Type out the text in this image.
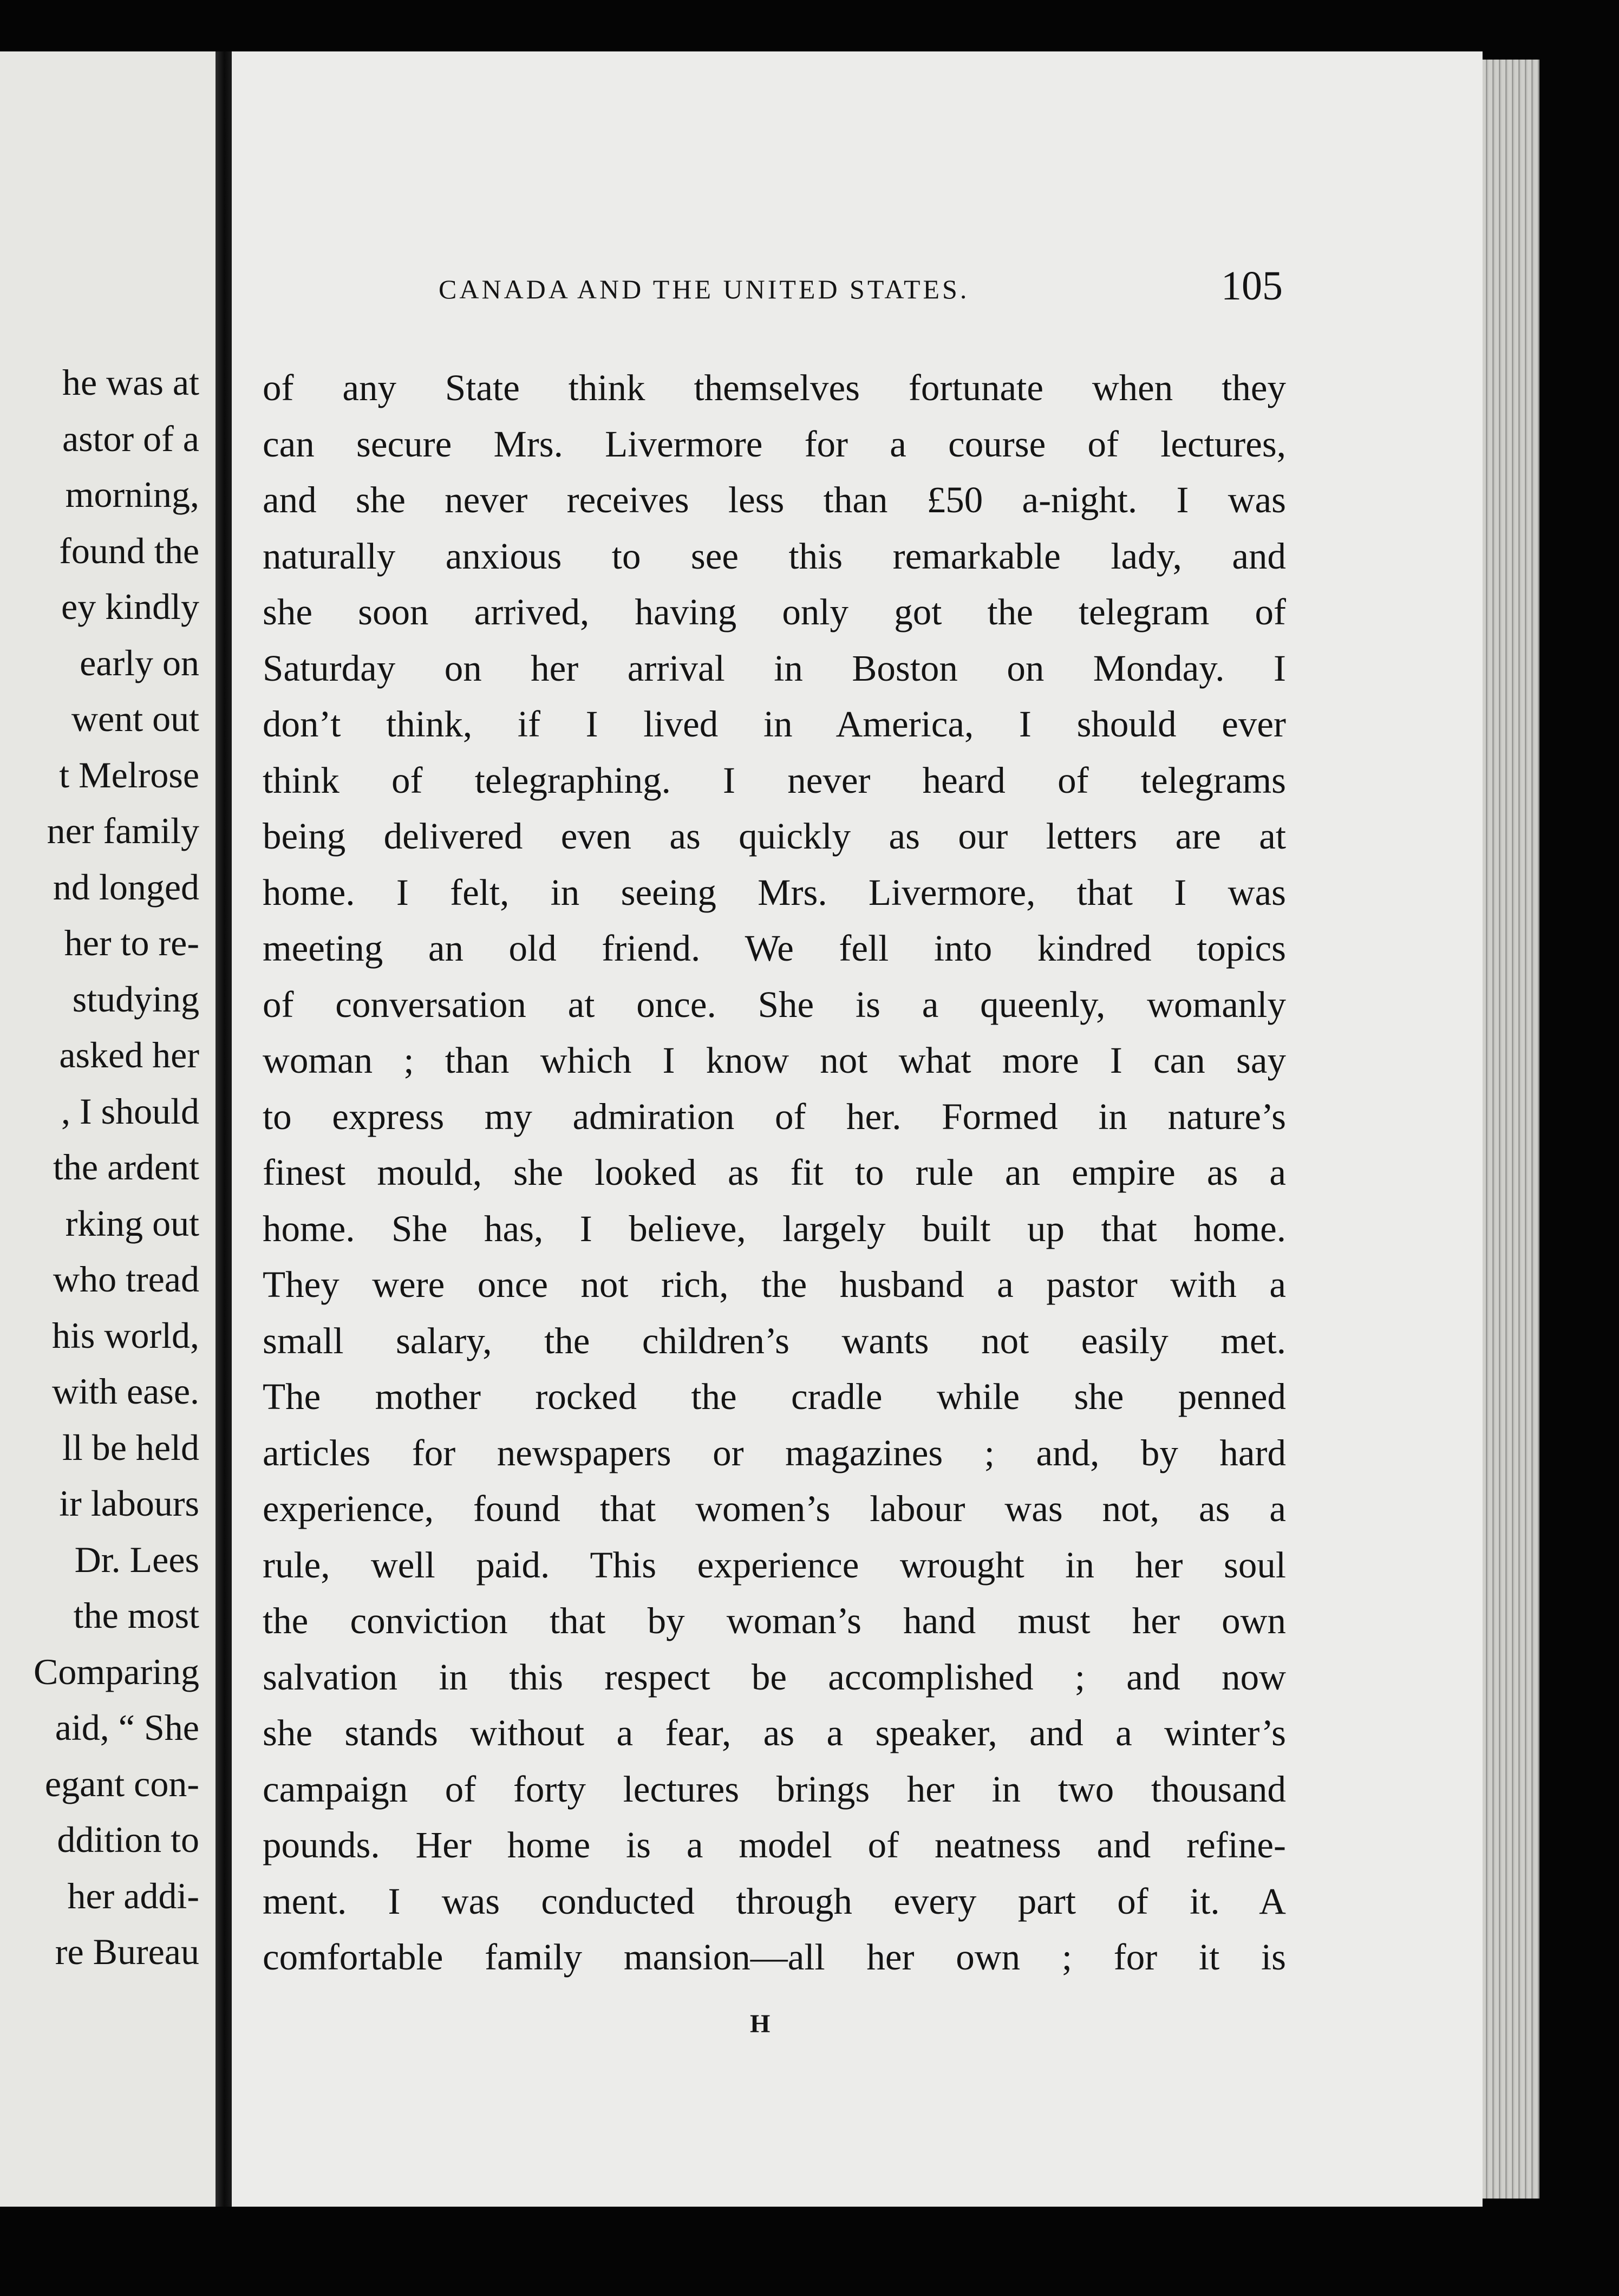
he was at
astor of a
morning,
found the
ey kindly
early on
went out
t Melrose
ner family
nd longed
her to re-
studying
asked her
, I should
the ardent
rking out
who tread
his world,
with ease.
ll be held
ir labours
Dr. Lees
the most
Comparing
aid, “ She
egant con-
ddition to
her addi-
re Bureau
CANADA AND THE UNITED STATES.	105
of any State think themselves fortunate when they
can secure Mrs. Livermore for a course of lectures,
and she never receives less than £50 a-night. I was
naturally anxious to see this remarkable lady, and
she soon arrived, having only got the telegram of
Saturday on her arrival in Boston on Monday. I
don’t think, if I lived in America, I should ever
think of telegraphing. I never heard of telegrams
being delivered even as quickly as our letters are at
home. I felt, in seeing Mrs. Livermore, that I was
meeting an old friend. We fell into kindred topics
of conversation at once. She is a queenly, womanly
woman ; than which I know not what more I can say
to express my admiration of her. Formed in nature’s
finest mould, she looked as fit to rule an empire as a
home. She has, I believe, largely built up that home.
They were once not rich, the husband a pastor with a
small salary, the children’s wants not easily met.
The mother rocked the cradle while she penned
articles for newspapers or magazines ; and, by hard
experience, found that women’s labour was not, as a
rule, well paid. This experience wrought in her soul
the conviction that by woman’s hand must her own
salvation in this respect be accomplished ; and now
she stands without a fear, as a speaker, and a winter’s
campaign of forty lectures brings her in two thousand
pounds. Her home is a model of neatness and refine-
ment. I was conducted through every part of it. A
comfortable family mansion—all her own ; for it is
H
